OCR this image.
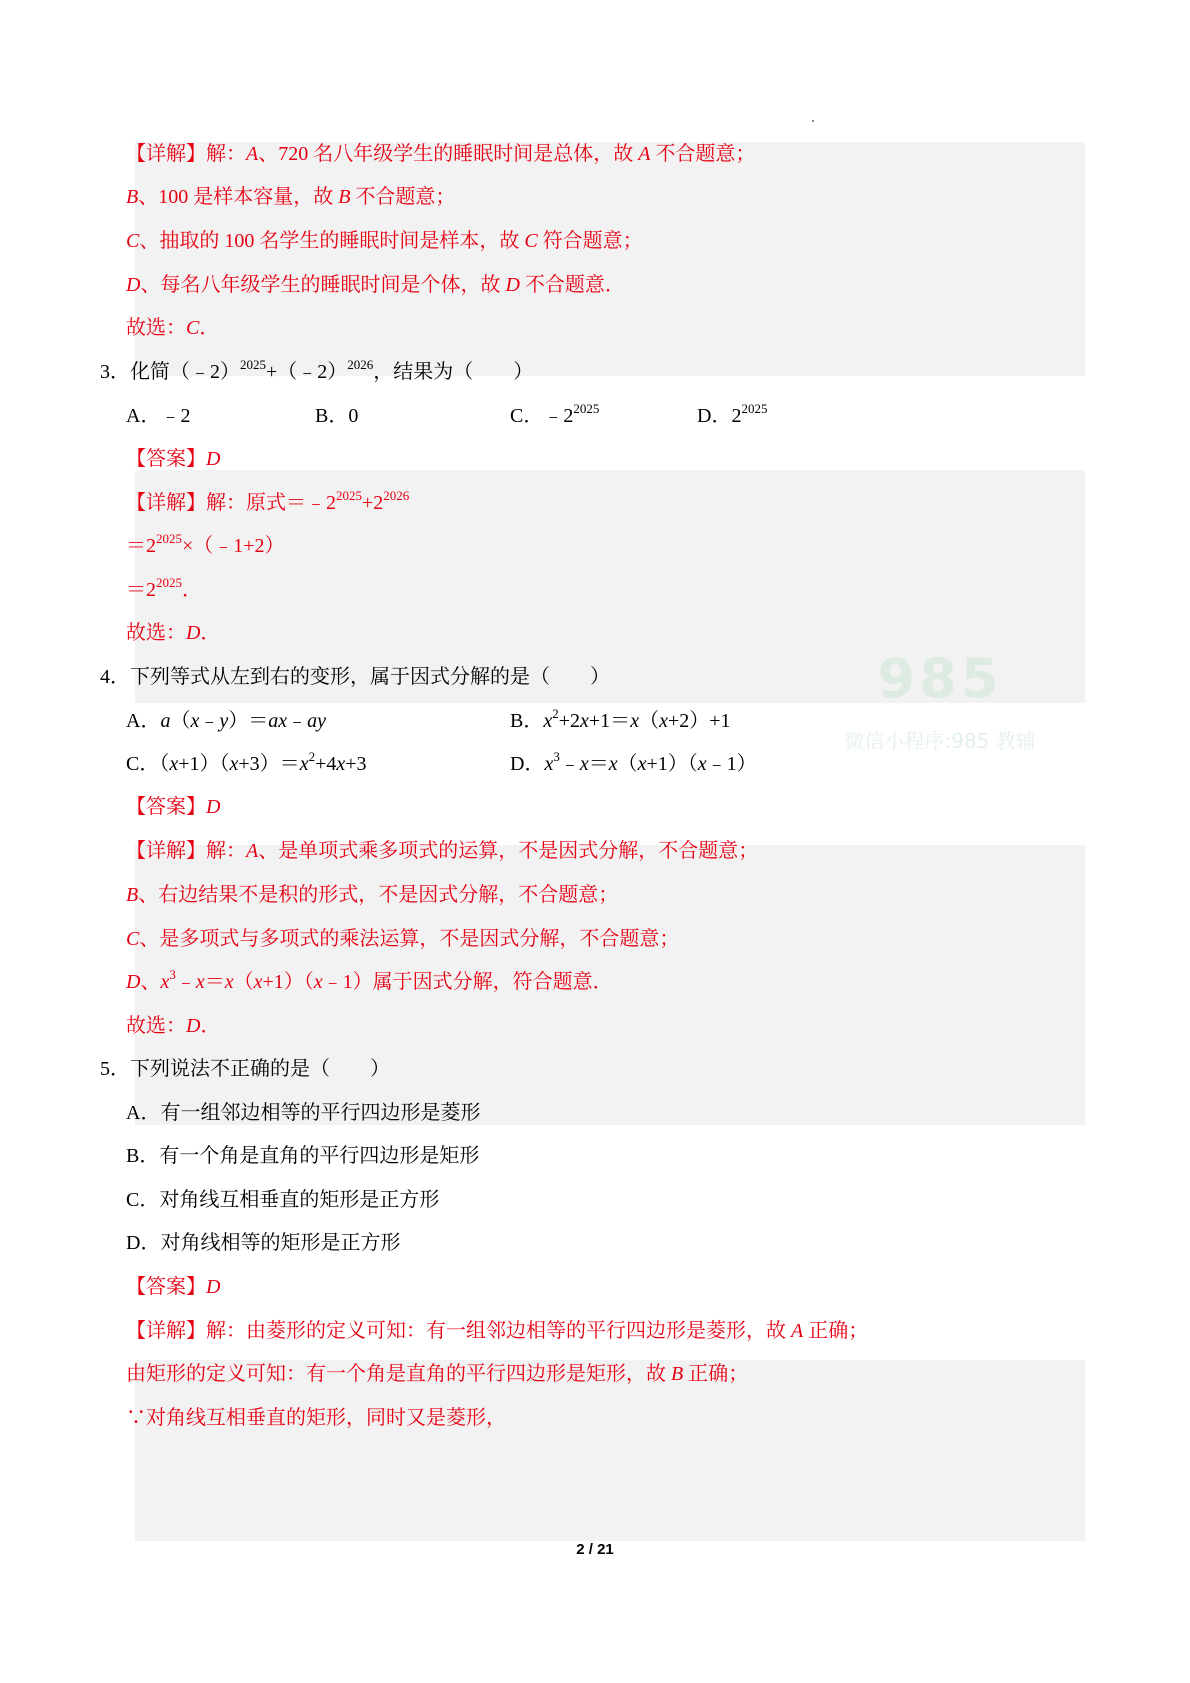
985
微信小程序:985 教辅
【详解】解：A、720 名八年级学生的睡眠时间是总体，故 A 不合题意；
B、100 是样本容量，故 B 不合题意；
C、抽取的 100 名学生的睡眠时间是样本，故 C 符合题意；
D、每名八年级学生的睡眠时间是个体，故 D 不合题意．
故选：C．
3．化简（﹣2）$^{2025}$+（﹣2）$^{2026}$，结果为（　　）
A．﹣2	B．0	C．$﹣2^{2025}$	D．$2^{2025}$
【答案】D
【详解】解：原式$=﹣2^{2025}+2^{2026}$
$=2^{2025}\times(﹣1+2)$
$=2^{2025}$．
故选：D．
4．下列等式从左到右的变形，属于因式分解的是（　　）
A．a（x﹣y）＝ax﹣ay	B．$x^2+2x+1=x(x+2)+1$
C．$(x+1)(x+3)=x^2+4x+3$	D．$x^3﹣x=x(x+1)(x﹣1)$
【答案】D
【详解】解：A、是单项式乘多项式的运算，不是因式分解，不合题意；
B、右边结果不是积的形式，不是因式分解，不合题意；
C、是多项式与多项式的乘法运算，不是因式分解，不合题意；
D、$x^3﹣x=x(x+1)(x﹣1)$属于因式分解，符合题意．
故选：D．
5．下列说法不正确的是（　　）
A．有一组邻边相等的平行四边形是菱形
B．有一个角是直角的平行四边形是矩形
C．对角线互相垂直的矩形是正方形
D．对角线相等的矩形是正方形
【答案】D
【详解】解：由菱形的定义可知：有一组邻边相等的平行四边形是菱形，故 A 正确；
由矩形的定义可知：有一个角是直角的平行四边形是矩形，故 B 正确；
∵对角线互相垂直的矩形，同时又是菱形，
2 / 21
